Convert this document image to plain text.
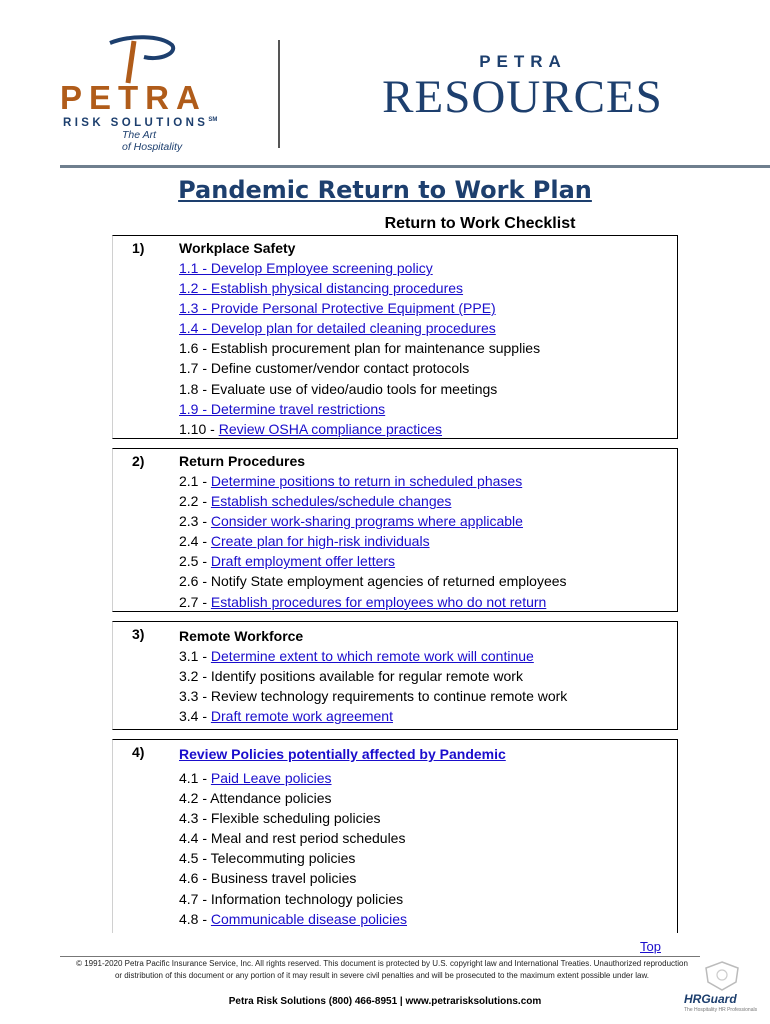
PETRA
RISK SOLUTIONS℠
The Art
of Hospitality
PETRA
RESOURCES
Pandemic Return to Work Plan
Return to Work Checklist
1) Workplace Safety
1.1 - Develop Employee screening policy
1.2 - Establish physical distancing procedures
1.3 - Provide Personal Protective Equipment (PPE)
1.4 - Develop plan for detailed cleaning procedures
1.6 - Establish procurement plan for maintenance supplies
1.7 - Define customer/vendor contact protocols
1.8 - Evaluate use of video/audio tools for meetings
1.9 - Determine travel restrictions
1.10 - Review OSHA compliance practices
2) Return Procedures
2.1 - Determine positions to return in scheduled phases
2.2 - Establish schedules/schedule changes
2.3 - Consider work-sharing programs where applicable
2.4 - Create plan for high-risk individuals
2.5 - Draft employment offer letters
2.6 - Notify State employment agencies of returned employees
2.7 - Establish procedures for employees who do not return
3) Remote Workforce
3.1 - Determine extent to which remote work will continue
3.2 - Identify positions available for regular remote work
3.3 - Review technology requirements to continue remote work
3.4 - Draft remote work agreement
4) Review Policies potentially affected by Pandemic
4.1 - Paid Leave policies
4.2 - Attendance policies
4.3 - Flexible scheduling policies
4.4 - Meal and rest period schedules
4.5 - Telecommuting policies
4.6 - Business travel policies
4.7 - Information technology policies
4.8 - Communicable disease policies
Top
© 1991-2020 Petra Pacific Insurance Service, Inc. All rights reserved. This document is protected by U.S. copyright law and International Treaties. Unauthorized reproduction
or distribution of this document or any portion of it may result in severe civil penalties and will be prosecuted to the maximum extent possible under law.
Petra Risk Solutions (800) 466-8951 | www.petrarisksolutions.com	HRGuard
The Hospitality HR Professionals
